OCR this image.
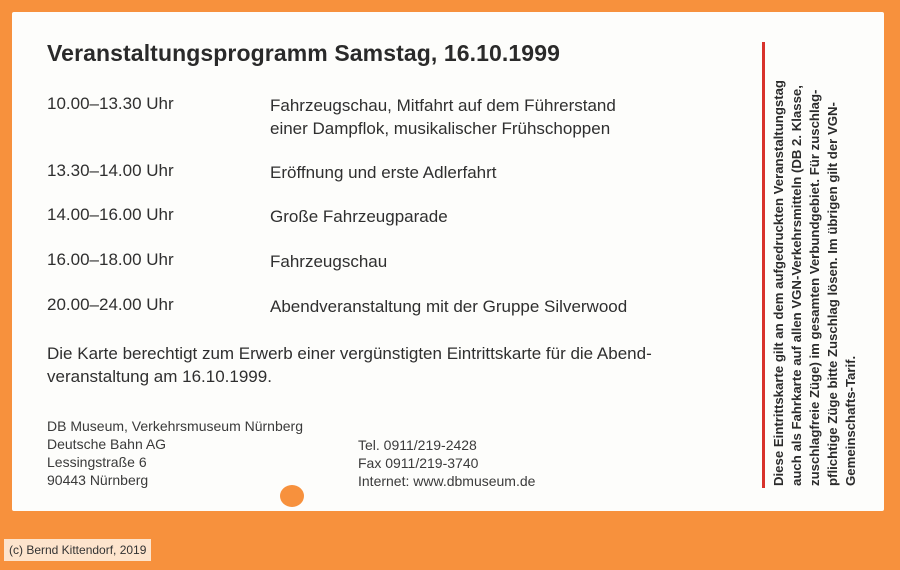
Veranstaltungsprogramm Samstag, 16.10.1999
10.00–13.30 Uhr	Fahrzeugschau, Mitfahrt auf dem Führerstand
einer Dampflok, musikalischer Frühschoppen
13.30–14.00 Uhr	Eröffnung und erste Adlerfahrt
14.00–16.00 Uhr	Große Fahrzeugparade
16.00–18.00 Uhr	Fahrzeugschau
20.00–24.00 Uhr	Abendveranstaltung mit der Gruppe Silverwood
Die Karte berechtigt zum Erwerb einer vergünstigten Eintrittskarte für die Abend-
veranstaltung am 16.10.1999.
DB Museum, Verkehrsmuseum Nürnberg
Deutsche Bahn AG
Lessingstraße 6
90443 Nürnberg
Tel. 0911/219-2428
Fax 0911/219-3740
Internet: www.dbmuseum.de	Diese Eintrittskarte gilt an dem aufgedruckten Veranstaltungstag auch als Fahrkarte auf allen VGN-Verkehrsmitteln (DB 2. Klasse, zuschlagfreie Züge) im gesamten Verbundgebiet. Für zuschlag- pflichtige Züge bitte Zuschlag lösen. Im übrigen gilt der VGN- Gemeinschafts-Tarif.
(c) Bernd Kittendorf, 2019
